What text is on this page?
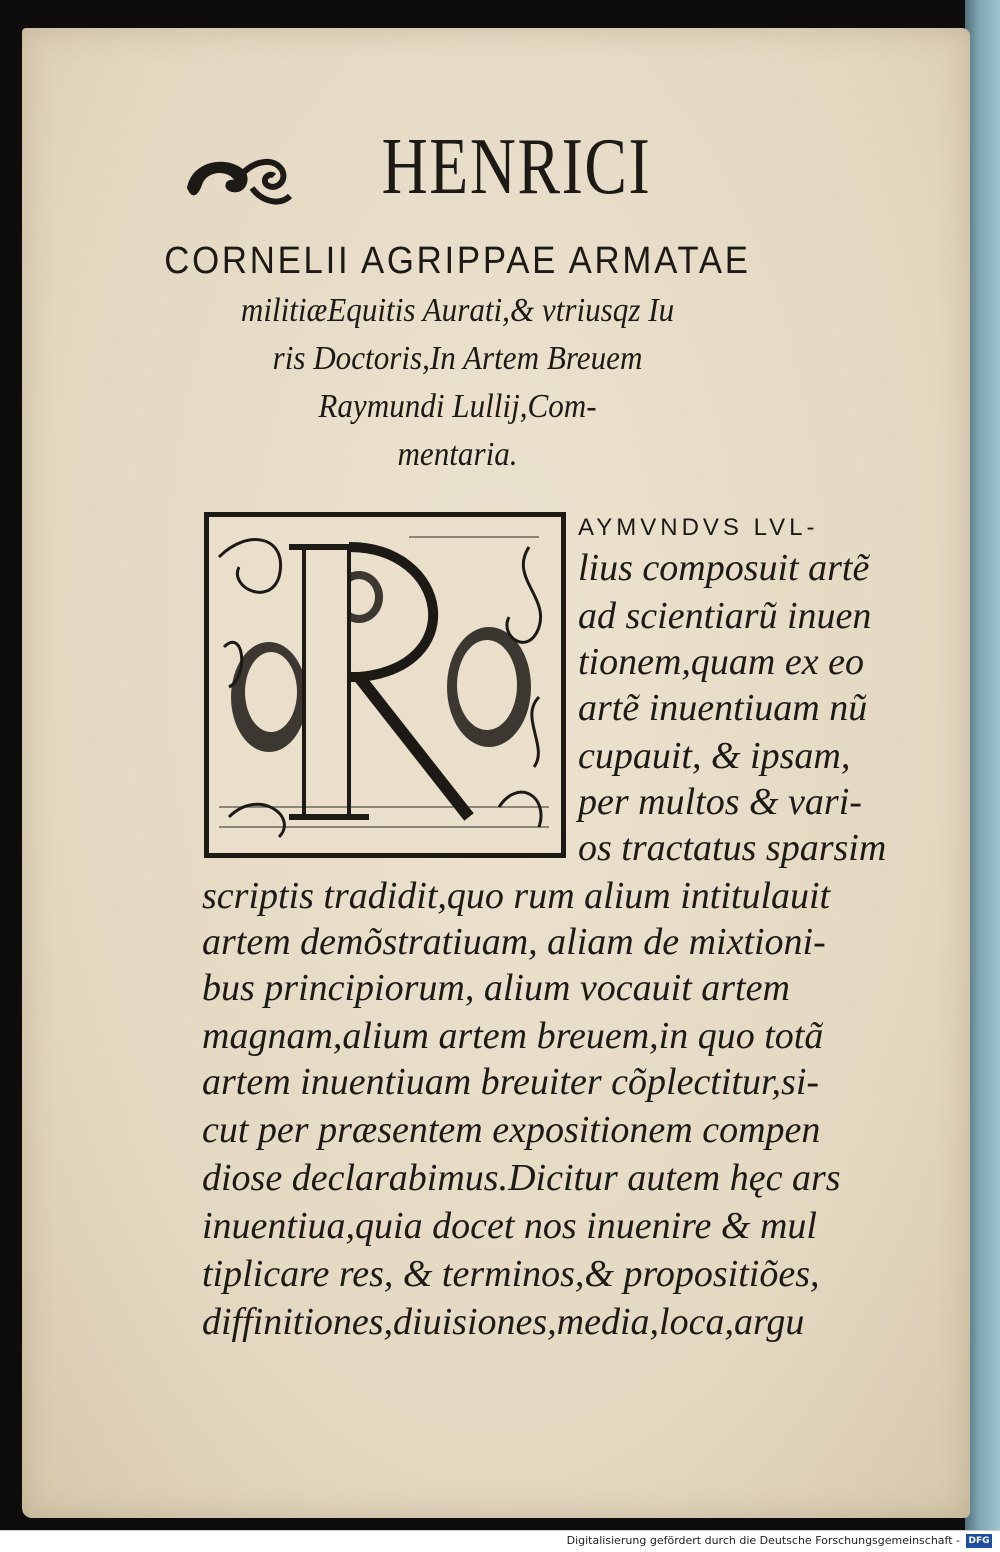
HENRICI
CORNELII AGRIPPAE ARMATAE
militiæEquitis Aurati,& vtriusqz Iu
ris Doctoris,In Artem Breuem
Raymundi Lullij,Com-
mentaria.
AYMVNDVS LVL-
lius composuit artẽ
ad scientiarũ inuen
tionem,quam ex eo
artẽ inuentiuam nũ
cupauit, & ipsam,
per multos & vari-
os tractatus sparsim
scriptis tradidit,quo rum alium intitulauit
artem demõstratiuam, aliam de mixtioni-
bus principiorum, alium vocauit artem
magnam,alium artem breuem,in quo totã
artem inuentiuam breuiter cõplectitur,si-
cut per præsentem expositionem compen
diose declarabimus.Dicitur autem hęc ars
inuentiua,quia docet nos inuenire & mul
tiplicare res, & terminos,& propositiões,
diffinitiones,diuisiones,media,loca,argu
Digitalisierung gefördert durch die Deutsche Forschungsgemeinschaft - DFG
